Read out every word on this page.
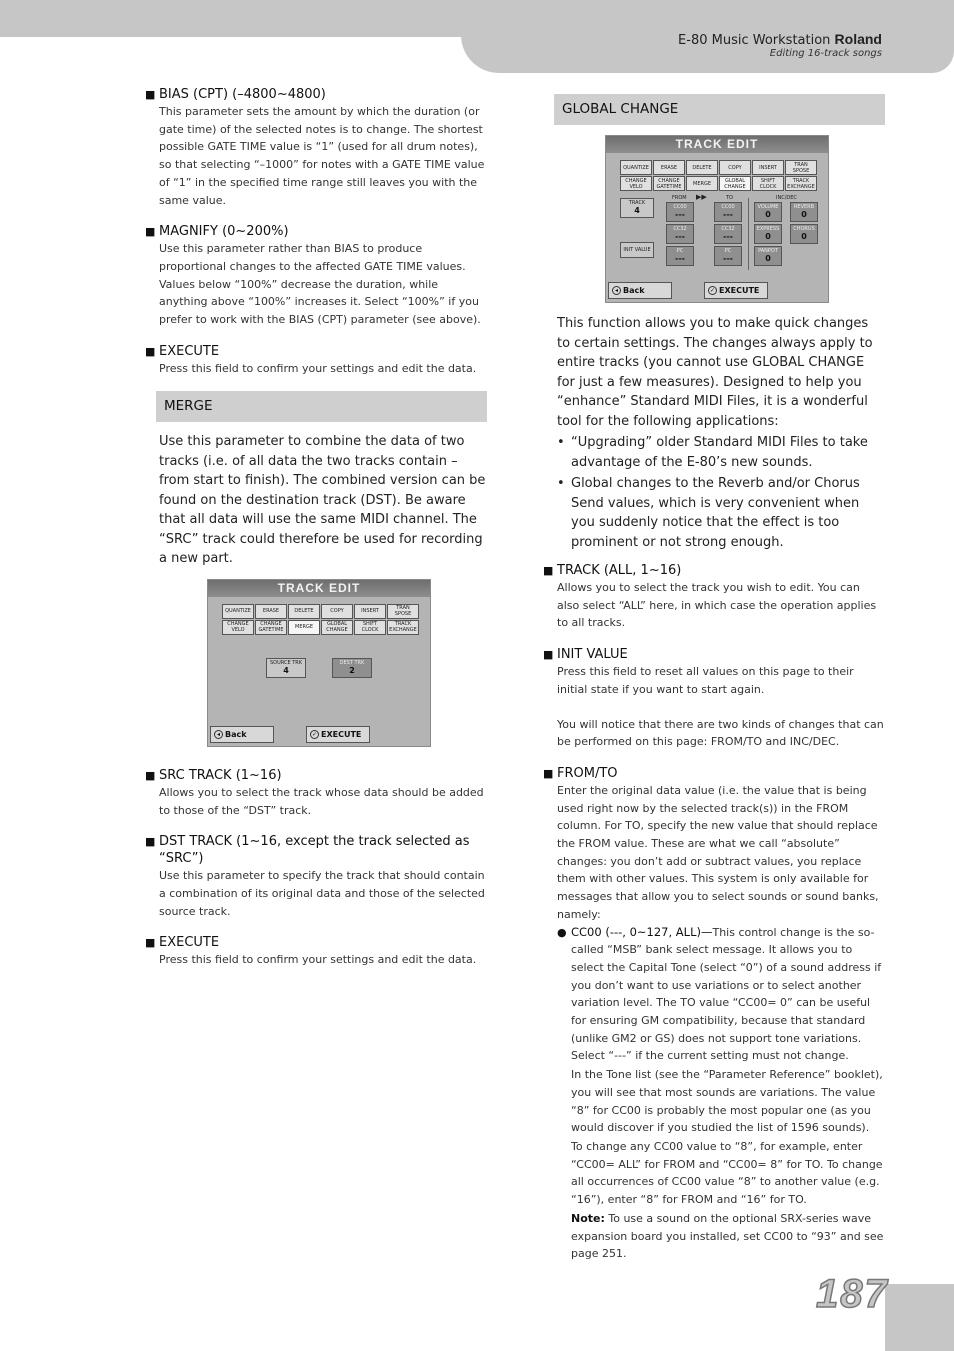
E-80 Music Workstation Roland
Editing 16-track songs
■ BIAS (CPT) (–4800~4800)

This parameter sets the amount by which the duration (or gate time) of the selected notes is to change. The shortest possible GATE TIME value is “1” (used for all drum notes), so that selecting “–1000” for notes with a GATE TIME value of “1” in the specified time range still leaves you with the same value.

■ MAGNIFY (0~200%)

Use this parameter rather than BIAS to produce proportional changes to the affected GATE TIME values.

Values below “100%” decrease the duration, while anything above “100%” increases it. Select “100%” if you prefer to work with the BIAS (CPT) parameter (see above).

■ EXECUTE

Press this field to confirm your settings and edit the data.

MERGE

Use this parameter to combine the data of two tracks (i.e. of all data the two tracks contain – from start to finish). The combined version can be found on the destination track (DST). Be aware that all data will use the same MIDI channel. The “SRC” track could therefore be used for recording a new part.

TRACK EDIT
QUANTIZE	ERASE	DELETE	COPY	INSERT	TRAN SPOSE
CHANGE VELO
CHANGE GATETIME	MERGE	GLOBAL CHANGE
SHIFT CLOCK
TRACK EXCHANGE
SOURCE TRK
4
DEST TRK
2
◂ Back	✓ EXECUTE
■ SRC TRACK (1~16)

Allows you to select the track whose data should be added to those of the “DST” track.

■ DST TRACK (1~16, except the track selected as “SRC”)

Use this parameter to specify the track that should contain a combination of its original data and those of the selected source track.

■ EXECUTE

Press this field to confirm your settings and edit the data.

GLOBAL CHANGE
TRACK EDIT
QUANTIZE	ERASE	DELETE	COPY	INSERT	TRAN SPOSE
CHANGE VELO
CHANGE GATETIME	MERGE	GLOBAL CHANGE
SHIFT CLOCK
TRACK EXCHANGE
FROM ▶▶	TO	INC/DEC
TRACK
4	CC00
---
CC32
---
PC
---
CC00
---
CC32
---
PC
---
VOLUME
0
REVERB
0
EXPRESS
0
CHORUS
0
PANPOT
0
INIT VALUE
◂ Back	✓ EXECUTE

This function allows you to make quick changes to certain settings. The changes always apply to entire tracks (you cannot use GLOBAL CHANGE for just a few measures). Designed to help you “enhance” Standard MIDI Files, it is a wonderful tool for the following applications:

• “Upgrading” older Standard MIDI Files to take advantage of the E-80’s new sounds.
• Global changes to the Reverb and/or Chorus Send values, which is very convenient when you suddenly notice that the effect is too prominent or not strong enough.
■ TRACK (ALL, 1~16)

Allows you to select the track you wish to edit. You can also select “ALL” here, in which case the operation applies to all tracks.

■ INIT VALUE

Press this field to reset all values on this page to their initial state if you want to start again.

You will notice that there are two kinds of changes that can be performed on this page: FROM/TO and INC/DEC.

■ FROM/TO

Enter the original data value (i.e. the value that is being used right now by the selected track(s)) in the FROM column. For TO, specify the new value that should replace the FROM value. These are what we call “absolute” changes: you don’t add or subtract values, you replace them with other values. This system is only available for messages that allow you to select sounds or sound banks, namely:

● CC00 (---, 0~127, ALL)—This control change is the so-called “MSB” bank select message. It allows you to select the Capital Tone (select “0”) of a sound address if you don’t want to use variations or to select another variation level. The TO value “CC00= 0” can be useful for ensuring GM compatibility, because that standard (unlike GM2 or GS) does not support tone variations. Select “---” if the current setting must not change.

In the Tone list (see the “Parameter Reference” booklet), you will see that most sounds are variations. The value “8” for CC00 is probably the most popular one (as you would discover if you studied the list of 1596 sounds).

To change any CC00 value to “8”, for example, enter “CC00= ALL” for FROM and “CC00= 8” for TO. To change all occurrences of CC00 value “8” to another value (e.g. “16”), enter “8” for FROM and “16” for TO.

Note: To use a sound on the optional SRX-series wave expansion board you installed, set CC00 to “93” and see page 251.

187
